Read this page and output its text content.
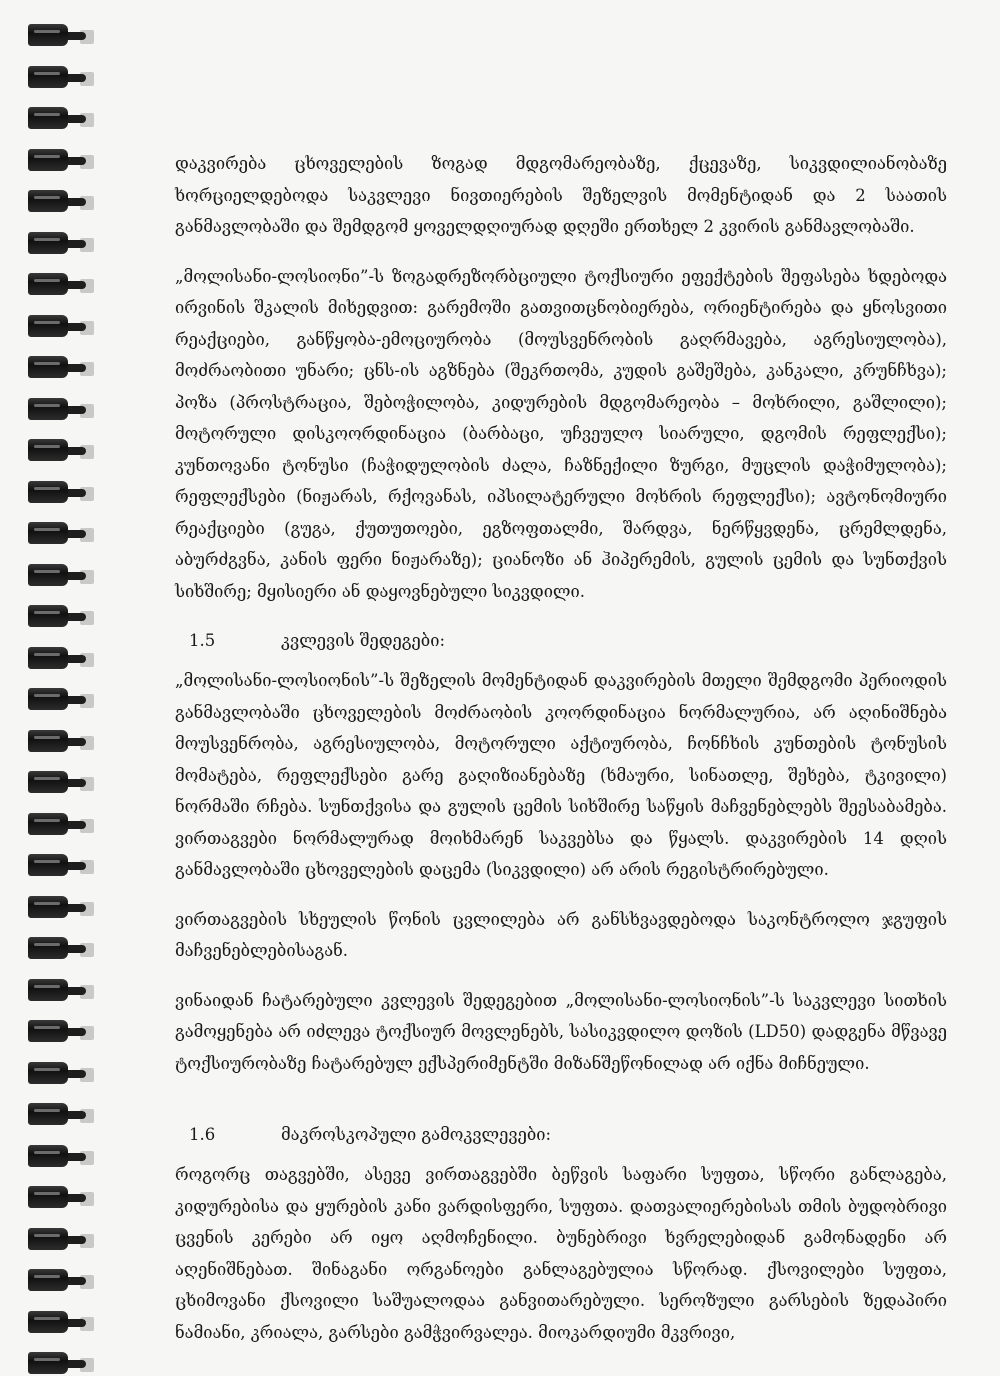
დაკვირება ცხოველების ზოგად მდგომარეობაზე, ქცევაზე, სიკვდილიანობაზე ხორციელდებოდა საკვლევი ნივთიერების შეზელვის მომენტიდან და 2 საათის განმავლობაში და შემდგომ ყოველდღიურად დღეში ერთხელ 2 კვირის განმავლობაში.

„მოლისანი-ლოსიონი”-ს ზოგადრეზორბციული ტოქსიური ეფექტების შეფასება ხდებოდა ირვინის შკალის მიხედვით: გარემოში გათვითცნობიერება, ორიენტირება და ყნოსვითი რეაქციები, განწყობა-ემოციურობა (მოუსვენრობის გაღრმავება, აგრესიულობა), მოძრაობითი უნარი; ცნს-ის აგზნება (შეკრთომა, კუდის გაშეშება, კანკალი, კრუნჩხვა); პოზა (პროსტრაცია, შებოჭილობა, კიდურების მდგომარეობა – მოხრილი, გაშლილი); მოტორული დისკოორდინაცია (ბარბაცი, უჩვეულო სიარული, დგომის რეფლექსი); კუნთოვანი ტონუსი (ჩაჭიდულობის ძალა, ჩაზნექილი ზურგი, მუცლის დაჭიმულობა); რეფლექსები (ნიჟარას, რქოვანას, იპსილატერული მოხრის რეფლექსი); ავტონომიური რეაქციები (გუგა, ქუთუთოები, ეგზოფთალმი, შარდვა, ნერწყვდენა, ცრემლდენა, აბურძგვნა, კანის ფერი ნიჟარაზე); ციანოზი ან ჰიპერემის, გულის ცემის და სუნთქვის სიხშირე; მყისიერი ან დაყოვნებული სიკვდილი.

1.5	კვლევის შედეგები:

„მოლისანი-ლოსიონის”-ს შეზელის მომენტიდან დაკვირების მთელი შემდგომი პერიოდის განმავლობაში ცხოველების მოძრაობის კოორდინაცია ნორმალურია, არ აღინიშნება მოუსვენრობა, აგრესიულობა, მოტორული აქტიურობა, ჩონჩხის კუნთების ტონუსის მომატება, რეფლექსები გარე გაღიზიანებაზე (ხმაური, სინათლე, შეხება, ტკივილი) ნორმაში რჩება. სუნთქვისა და გულის ცემის სიხშირე საწყის მაჩვენებლებს შეესაბამება. ვირთაგვები ნორმალურად მოიხმარენ საკვებსა და წყალს. დაკვირების 14 დღის განმავლობაში ცხოველების დაცემა (სიკვდილი) არ არის რეგისტრირებული.

ვირთაგვების სხეულის წონის ცვლილება არ განსხვავდებოდა საკონტროლო ჯგუფის მაჩვენებლებისაგან.

ვინაიდან ჩატარებული კვლევის შედეგებით „მოლისანი-ლოსიონის”-ს საკვლევი სითხის გამოყენება არ იძლევა ტოქსიურ მოვლენებს, სასიკვდილო დოზის (LD50) დადგენა მწვავე ტოქსიურობაზე ჩატარებულ ექსპერიმენტში მიზანშეწონილად არ იქნა მიჩნეული.

1.6	მაკროსკოპული გამოკვლევები:

როგორც თაგვებში, ასევე ვირთაგვებში ბეწვის საფარი სუფთა, სწორი განლაგება, კიდურებისა და ყურების კანი ვარდისფერი, სუფთა. დათვალიერებისას თმის ბუდობრივი ცვენის კერები არ იყო აღმოჩენილი. ბუნებრივი ხვრელებიდან გამონადენი არ აღენიშნებათ. შინაგანი ორგანოები განლაგებულია სწორად. ქსოვილები სუფთა, ცხიმოვანი ქსოვილი საშუალოდაა განვითარებული. სეროზული გარსების ზედაპირი ნამიანი, კრიალა, გარსები გამჭვირვალეა. მიოკარდიუმი მკვრივი,
